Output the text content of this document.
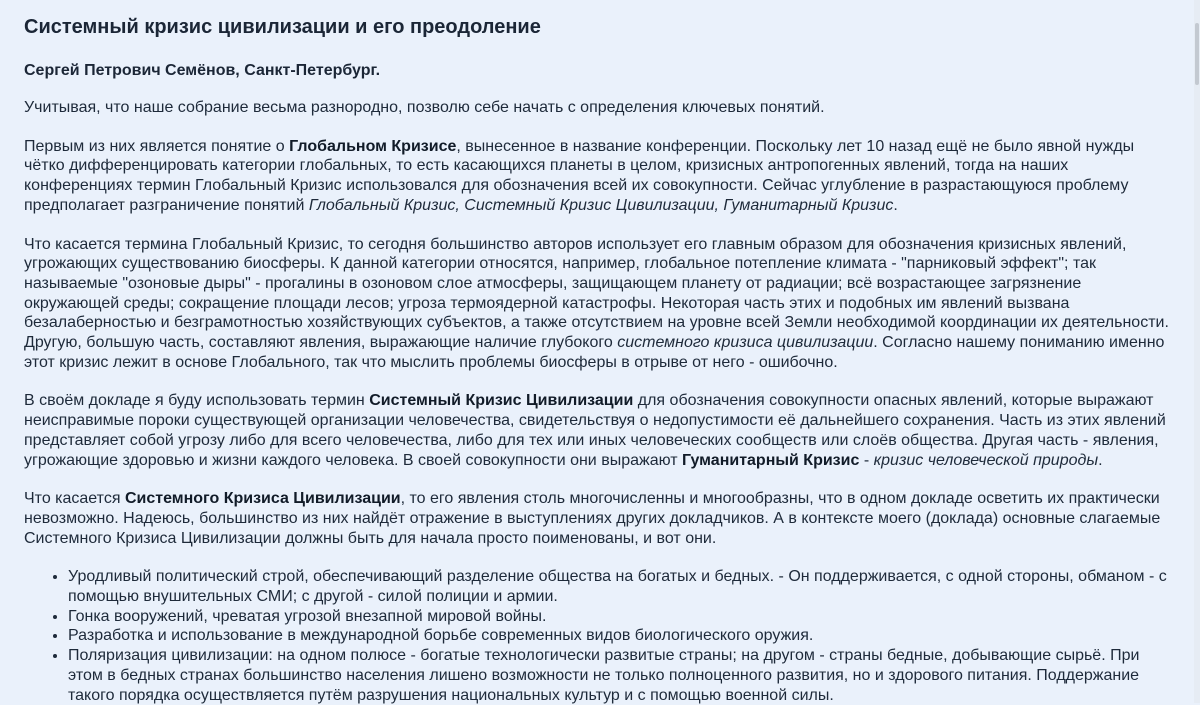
Системный кризис цивилизации и его преодоление
Сергей Петрович Семёнов, Санкт-Петербург.

Учитывая, что наше собрание весьма разнородно, позволю себе начать с определения ключевых понятий.

Первым из них является понятие о Глобальном Кризисе, вынесенное в название конференции. Поскольку лет 10 назад ещё не было явной нужды чётко дифференцировать категории глобальных, то есть касающихся планеты в целом, кризисных антропогенных явлений, тогда на наших конференциях термин Глобальный Кризис использовался для обозначения всей их совокупности. Сейчас углубление в разрастающуюся проблему предполагает разграничение понятий Глобальный Кризис, Системный Кризис Цивилизации, Гуманитарный Кризис.

Что касается термина Глобальный Кризис, то сегодня большинство авторов использует его главным образом для обозначения кризисных явлений, угрожающих существованию биосферы. К данной категории относятся, например, глобальное потепление климата - "парниковый эффект"; так называемые "озоновые дыры" - прогалины в озоновом слое атмосферы, защищающем планету от радиации; всё возрастающее загрязнение окружающей среды; сокращение площади лесов; угроза термоядерной катастрофы. Некоторая часть этих и подобных им явлений вызвана безалаберностью и безграмотностью хозяйствующих субъектов, а также отсутствием на уровне всей Земли необходимой координации их деятельности. Другую, большую часть, составляют явления, выражающие наличие глубокого системного кризиса цивилизации. Согласно нашему пониманию именно этот кризис лежит в основе Глобального, так что мыслить проблемы биосферы в отрыве от него - ошибочно.

В своём докладе я буду использовать термин Системный Кризис Цивилизации для обозначения совокупности опасных явлений, которые выражают неисправимые пороки существующей организации человечества, свидетельствуя о недопустимости её дальнейшего сохранения. Часть из этих явлений представляет собой угрозу либо для всего человечества, либо для тех или иных человеческих сообществ или слоёв общества. Другая часть - явления, угрожающие здоровью и жизни каждого человека. В своей совокупности они выражают Гуманитарный Кризис - кризис человеческой природы.

Что касается Системного Кризиса Цивилизации, то его явления столь многочисленны и многообразны, что в одном докладе осветить их практически невозможно. Надеюсь, большинство из них найдёт отражение в выступлениях других докладчиков. А в контексте моего (доклада) основные слагаемые Системного Кризиса Цивилизации должны быть для начала просто поименованы, и вот они.

• Уродливый политический строй, обеспечивающий разделение общества на богатых и бедных. - Он поддерживается, с одной стороны, обманом - с помощью внушительных СМИ; с другой - силой полиции и армии.
• Гонка вооружений, чреватая угрозой внезапной мировой войны.
• Разработка и использование в международной борьбе современных видов биологического оружия.
• Поляризация цивилизации: на одном полюсе - богатые технологически развитые страны; на другом - страны бедные, добывающие сырьё. При этом в бедных странах большинство населения лишено возможности не только полноценного развития, но и здорового питания. Поддержание такого порядка осуществляется путём разрушения национальных культур и с помощью военной силы.
